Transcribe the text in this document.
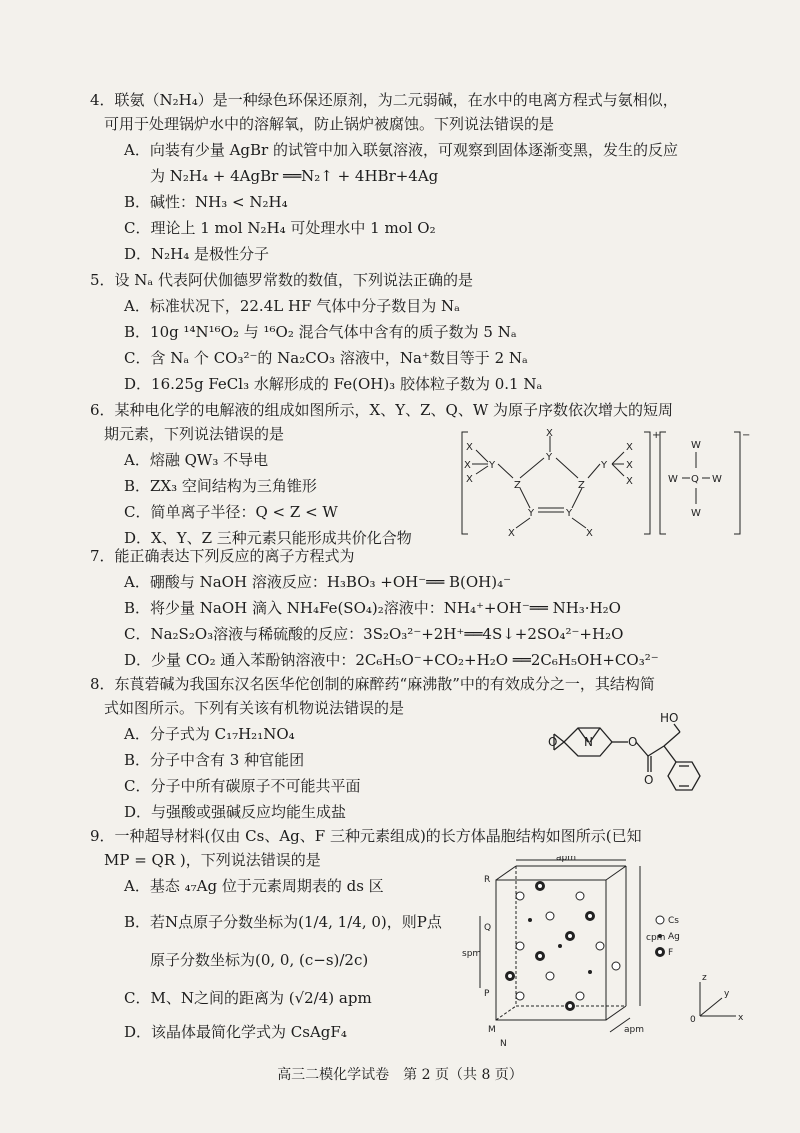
4．联氨（N₂H₄）是一种绿色环保还原剂，为二元弱碱，在水中的电离方程式与氨相似，

可用于处理锅炉水中的溶解氧，防止锅炉被腐蚀。下列说法错误的是

A．向装有少量 AgBr 的试管中加入联氨溶液，可观察到固体逐渐变黑，发生的反应
为 N₂H₄ + 4AgBr ══N₂↑ + 4HBr+4Ag
B．碱性：NH₃ < N₂H₄
C．理论上 1 mol N₂H₄ 可处理水中 1 mol O₂
D．N₂H₄ 是极性分子

5．设 Nₐ 代表阿伏伽德罗常数的数值，下列说法正确的是

A．标准状况下，22.4L HF 气体中分子数目为 Nₐ
B．10g ¹⁴N¹⁶O₂ 与 ¹⁶O₂ 混合气体中含有的质子数为 5 Nₐ
C．含 Nₐ 个 CO₃²⁻的 Na₂CO₃ 溶液中，Na⁺数目等于 2 Nₐ
D．16.25g FeCl₃ 水解形成的 Fe(OH)₃ 胶体粒子数为 0.1 Nₐ

6．某种电化学的电解液的组成如图所示，X、Y、Z、Q、W 为原子序数依次增大的短周

期元素，下列说法错误的是

A．熔融 QW₃ 不导电
B．ZX₃ 空间结构为三角锥形
C．简单离子半径：Q < Z < W
D．X、Y、Z 三种元素只能形成共价化合物
X
X
X
Y
X
Y
Y
X
X
X
Z	Z
Y	Y
X	X
+	−
W
W Q W
W

7．能正确表达下列反应的离子方程式为

A．硼酸与 NaOH 溶液反应：H₃BO₃ +OH⁻══ B(OH)₄⁻
B．将少量 NaOH 滴入 NH₄Fe(SO₄)₂溶液中：NH₄⁺+OH⁻══ NH₃·H₂O
C．Na₂S₂O₃溶液与稀硫酸的反应：3S₂O₃²⁻+2H⁺══4S↓+2SO₄²⁻+H₂O
D．少量 CO₂ 通入苯酚钠溶液中：2C₆H₅O⁻+CO₂+H₂O ══2C₆H₅OH+CO₃²⁻

8．东莨菪碱为我国东汉名医华佗创制的麻醉药“麻沸散”中的有效成分之一，其结构简

式如图所示。下列有关该有机物说法错误的是

A．分子式为 C₁₇H₂₁NO₄
B．分子中含有 3 种官能团
C．分子中所有碳原子不可能共平面
D．与强酸或强碱反应均能生成盐
O N	O
O
HO

9．一种超导材料(仅由 Cs、Ag、F 三种元素组成)的长方体晶胞结构如图所示(已知

MP = QR )，下列说法错误的是

A．基态 ₄₇Ag 位于元素周期表的 ds 区
B．若N点原子分数坐标为(1/4, 1/4, 0)，则P点
原子分数坐标为(0, 0, (c−s)/2c)
C．M、N之间的距离为 (√2/4) apm
D．该晶体最简化学式为 CsAgF₄
apm
cpm
spm
apm
Cs
Ag
F
R
Q
P
M
N
z
y
x
0
高三二模化学试卷　第 2 页（共 8 页）
